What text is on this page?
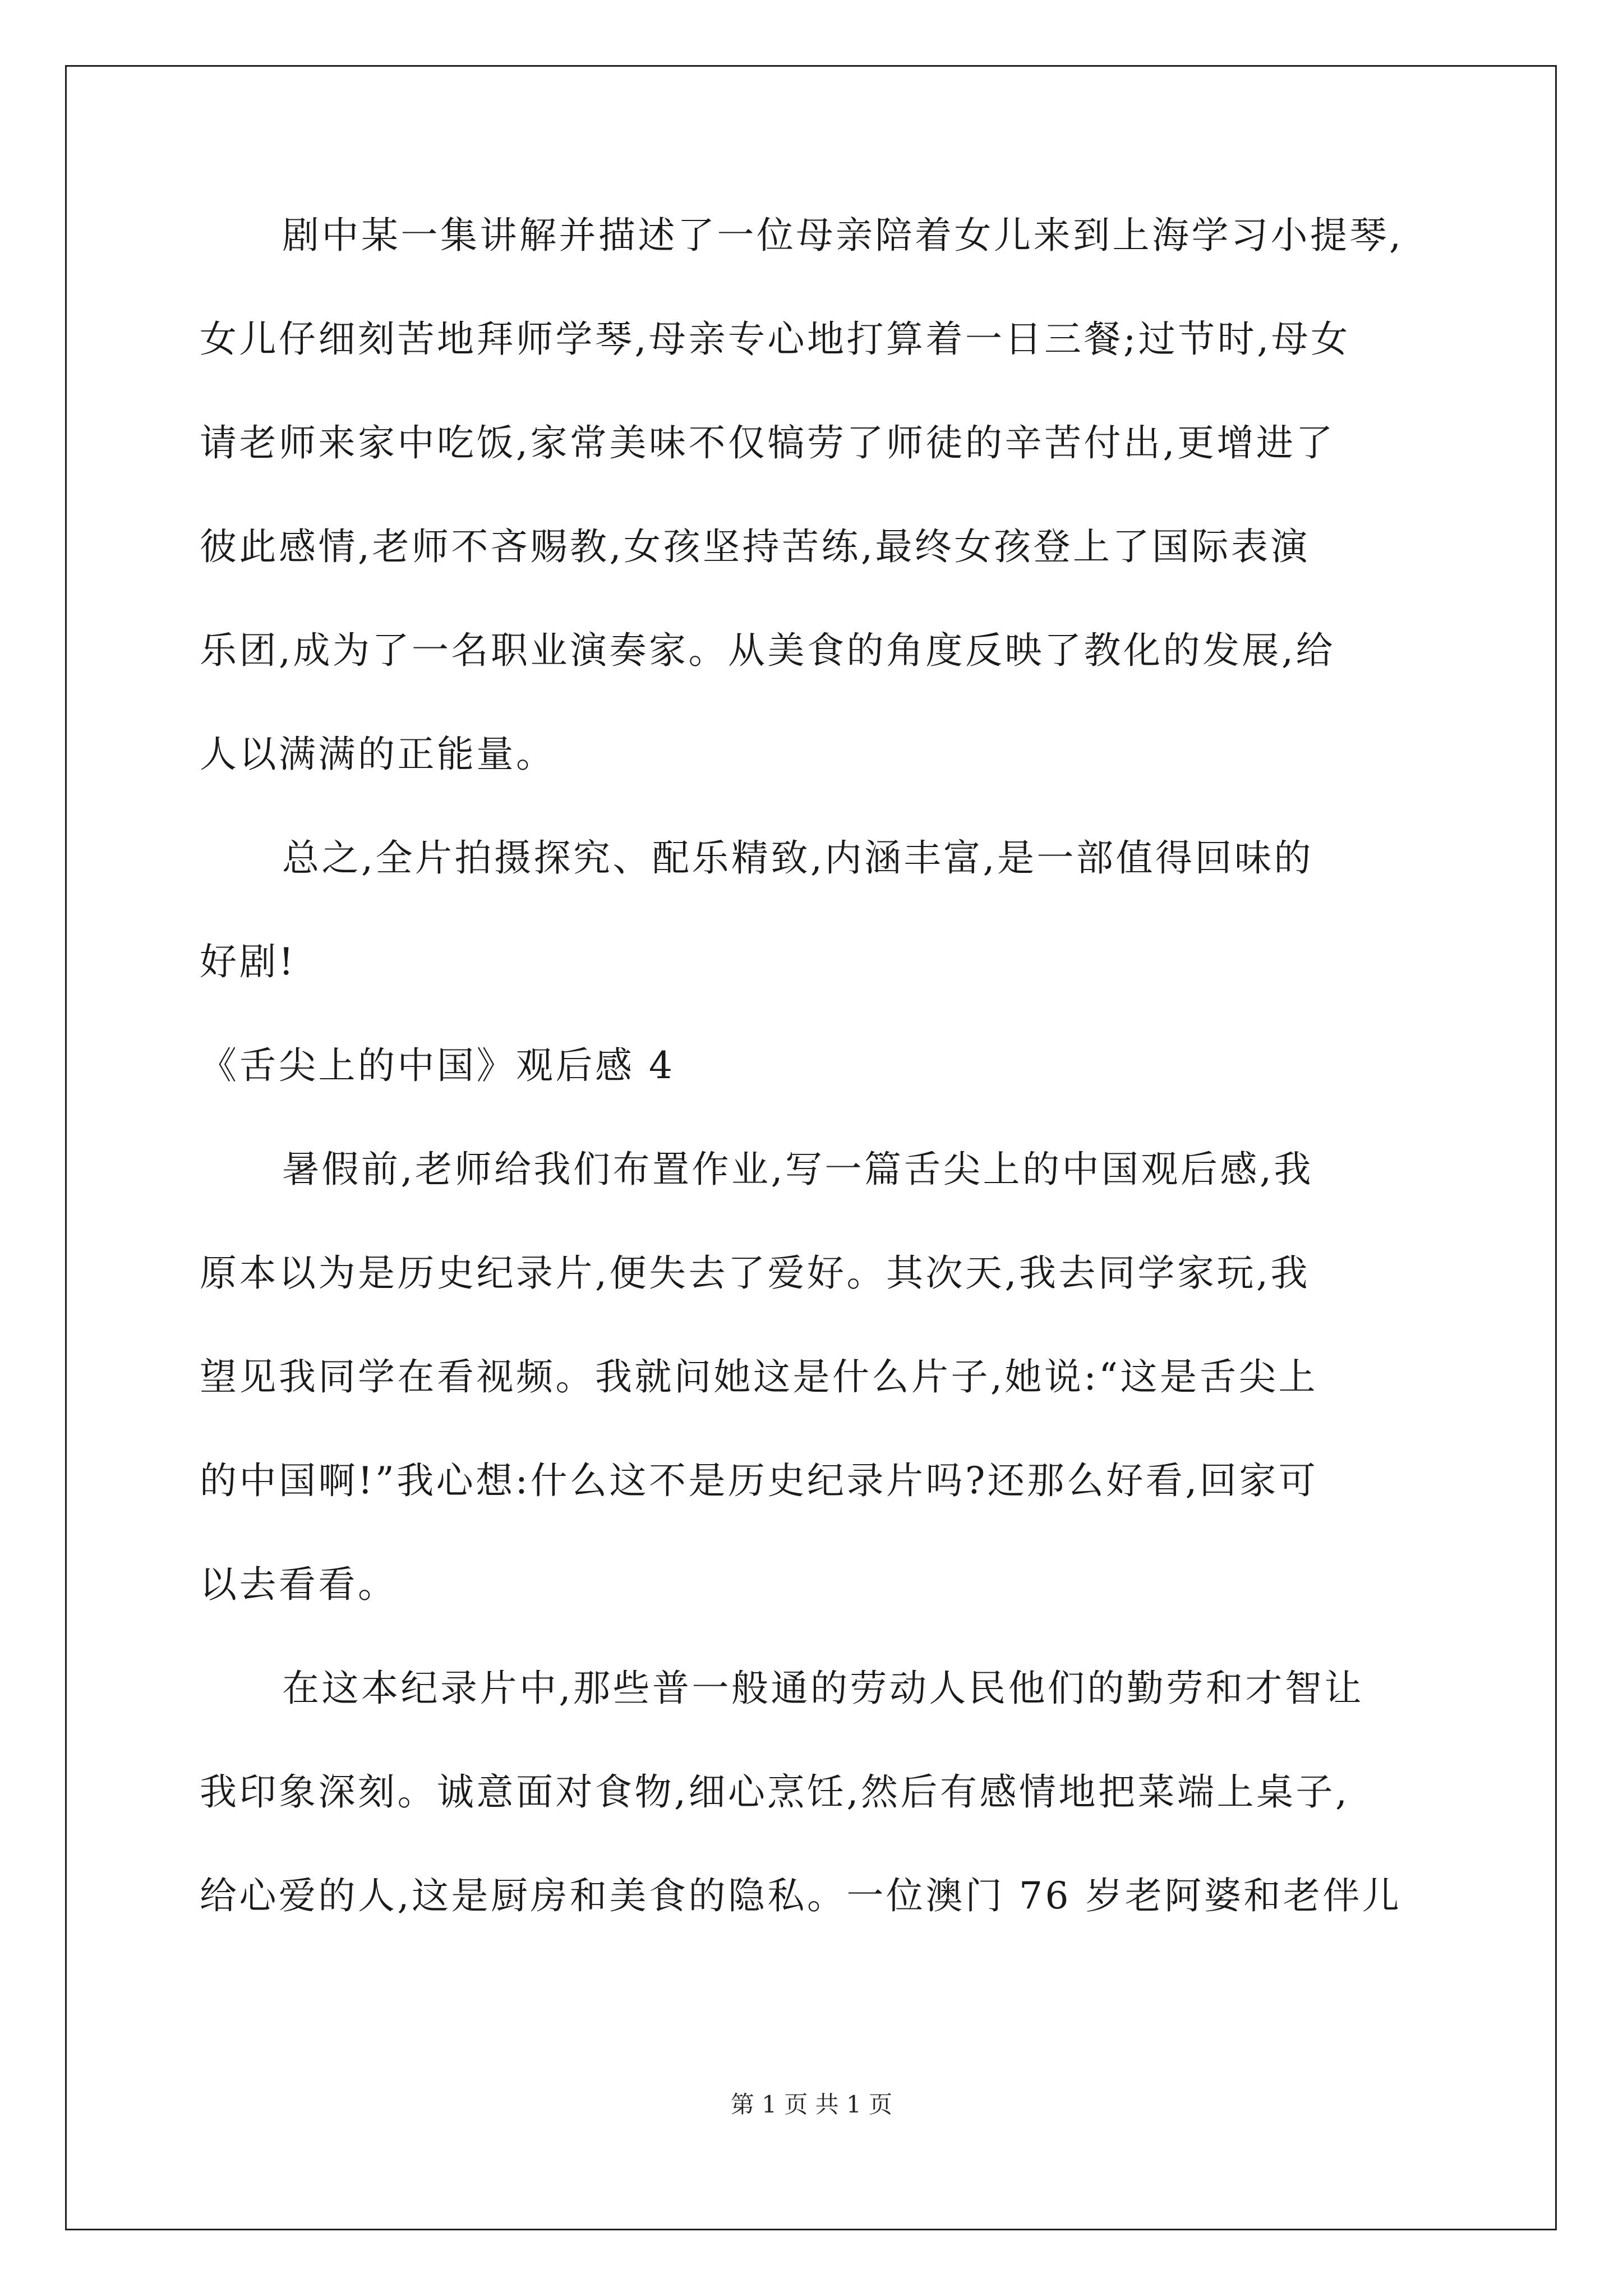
剧中某一集讲解并描述了一位母亲陪着女儿来到上海学习小提琴,
女儿仔细刻苦地拜师学琴,母亲专心地打算着一日三餐;过节时,母女
请老师来家中吃饭,家常美味不仅犒劳了师徒的辛苦付出,更增进了
彼此感情,老师不吝赐教,女孩坚持苦练,最终女孩登上了国际表演
乐团,成为了一名职业演奏家。从美食的角度反映了教化的发展,给
人以满满的正能量。
总之,全片拍摄探究、配乐精致,内涵丰富,是一部值得回味的
好剧!
《舌尖上的中国》观后感 4
暑假前,老师给我们布置作业,写一篇舌尖上的中国观后感,我
原本以为是历史纪录片,便失去了爱好。其次天,我去同学家玩,我
望见我同学在看视频。我就问她这是什么片子,她说:“这是舌尖上
的中国啊!”我心想:什么这不是历史纪录片吗?还那么好看,回家可
以去看看。
在这本纪录片中,那些普一般通的劳动人民他们的勤劳和才智让
我印象深刻。诚意面对食物,细心烹饪,然后有感情地把菜端上桌子,
给心爱的人,这是厨房和美食的隐私。一位澳门 76 岁老阿婆和老伴儿
第 1 页 共 1 页
